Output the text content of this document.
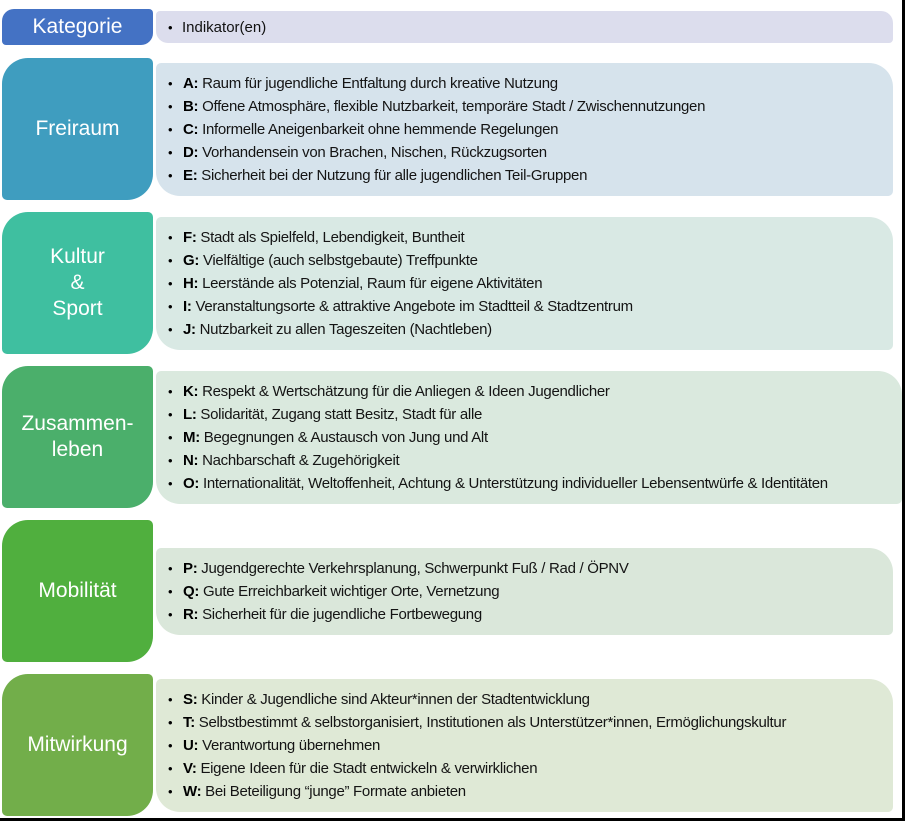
Kategorie	• Indikator(en)
Freiraum
• A: Raum für jugendliche Entfaltung durch kreative Nutzung
• B: Offene Atmosphäre, flexible Nutzbarkeit, temporäre Stadt / Zwischennutzungen
• C: Informelle Aneigenbarkeit ohne hemmende Regelungen
• D: Vorhandensein von Brachen, Nischen, Rückzugsorten
• E: Sicherheit bei der Nutzung für alle jugendlichen Teil-Gruppen
Kultur
&
Sport
• F: Stadt als Spielfeld, Lebendigkeit, Buntheit
• G: Vielfältige (auch selbstgebaute) Treffpunkte
• H: Leerstände als Potenzial, Raum für eigene Aktivitäten
• I: Veranstaltungsorte & attraktive Angebote im Stadtteil & Stadtzentrum
• J: Nutzbarkeit zu allen Tageszeiten (Nachtleben)
Zusammen-
leben
• K: Respekt & Wertschätzung für die Anliegen & Ideen Jugendlicher
• L: Solidarität, Zugang statt Besitz, Stadt für alle
• M: Begegnungen & Austausch von Jung und Alt
• N: Nachbarschaft & Zugehörigkeit
• O: Internationalität, Weltoffenheit, Achtung & Unterstützung individueller Lebensentwürfe & Identitäten
Mobilität
• P: Jugendgerechte Verkehrsplanung, Schwerpunkt Fuß / Rad / ÖPNV
• Q: Gute Erreichbarkeit wichtiger Orte, Vernetzung
• R: Sicherheit für die jugendliche Fortbewegung
Mitwirkung
• S: Kinder & Jugendliche sind Akteur*innen der Stadtentwicklung
• T: Selbstbestimmt & selbstorganisiert, Institutionen als Unterstützer*innen, Ermöglichungskultur
• U: Verantwortung übernehmen
• V: Eigene Ideen für die Stadt entwickeln & verwirklichen
• W: Bei Beteiligung “junge” Formate anbieten
